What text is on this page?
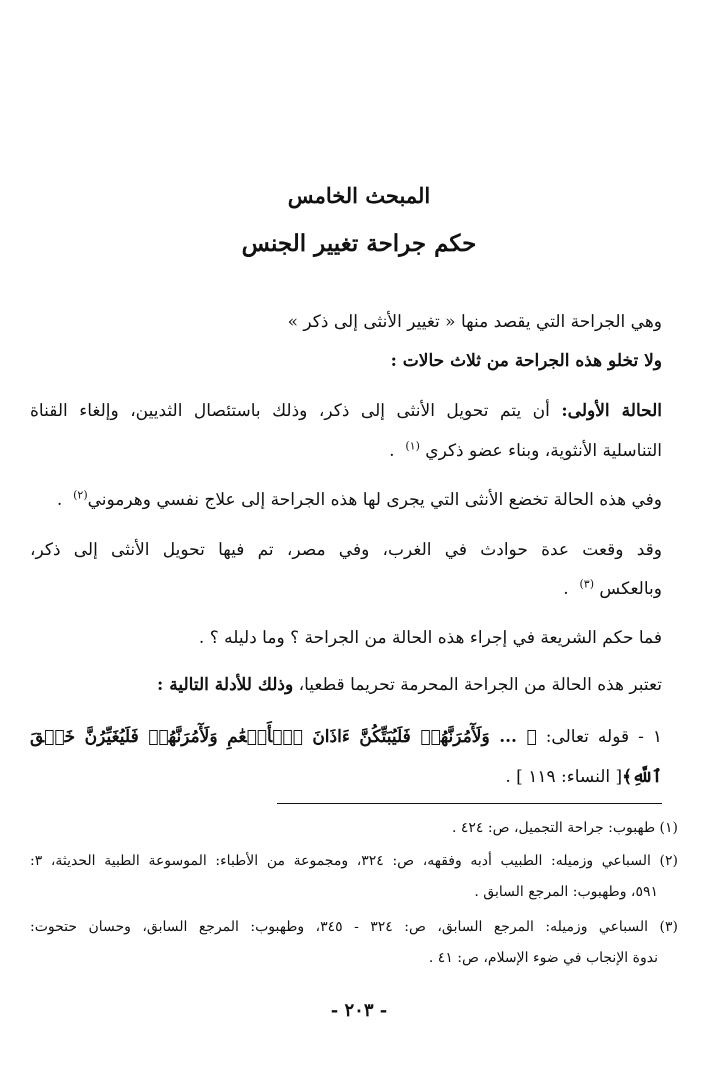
المبحث الخامس
حكم جراحة تغيير الجنس
وهي الجراحة التي يقصد منها « تغيير الأنثى إلى ذكر »
ولا تخلو هذه الجراحة من ثلاث حالات :
الحالة الأولى: أن يتم تحويل الأنثى إلى ذكر، وذلك باستئصال الثديين، وإلغاء القناة
التناسلية الأنثوية، وبناء عضو ذكري $^{(١)}$  .
وفي هذه الحالة تخضع الأنثى التي يجرى لها هذه الجراحة إلى علاج نفسي وهرموني$^{(٢)}$  .
وقد وقعت عدة حوادث في الغرب، وفي مصر، تم فيها تحويل الأنثى إلى ذكر،
وبالعكس $^{(٣)}$  .
فما حكم الشريعة في إجراء هذه الحالة من الجراحة ؟ وما دليله ؟ .
تعتبر هذه الحالة من الجراحة المحرمة تحريما قطعيا، وذلك للأدلة التالية :
١ - قوله تعالى: ﴿ ... وَلَأٓمُرَنَّهُمۡ فَلَيُبَتِّكُنَّ ءَاذَانَ ٱلۡأَنۡعَٰمِ وَلَأٓمُرَنَّهُمۡ فَلَيُغَيِّرُنَّ خَلۡقَ
ٱللَّهِ﴾[ النساء: ١١٩ ] .
(١) طهبوب: جراحة التجميل، ص: ٤٢٤ .
(٢) السباعي وزميله: الطبيب أدبه وفقهه، ص: ٣٢٤، ومجموعة من الأطباء: الموسوعة الطبية الحديثة، ٣:
٥٩١، وطهبوب: المرجع السابق .
(٣) السباعي وزميله: المرجع السابق، ص: ٣٢٤ - ٣٤٥، وطهبوب: المرجع السابق، وحسان حتحوت:
ندوة الإنجاب في ضوء الإسلام، ص: ٤١ .
- ٢٠٣ -
